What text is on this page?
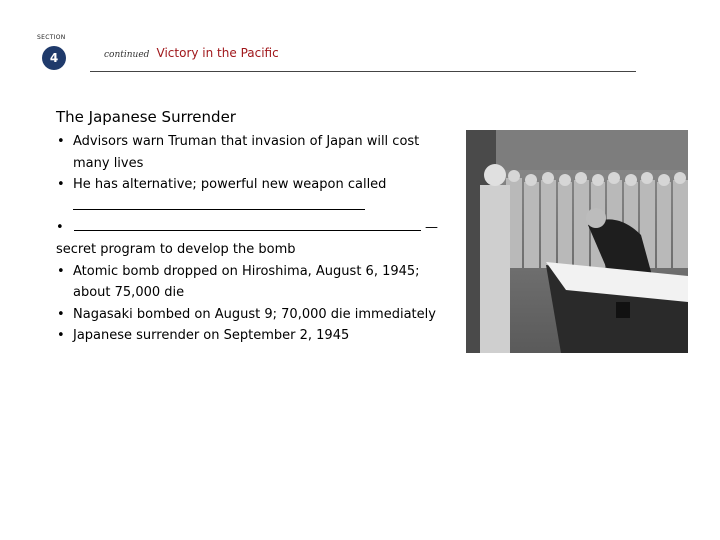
SECTION
4	continued Victory in the Pacific
The Japanese Surrender
• Advisors warn Truman that invasion of Japan will cost many lives
• He has alternative; powerful new weapon called

•	— secret program to develop the bomb
• Atomic bomb dropped on Hiroshima, August 6, 1945; about 75,000 die
• Nagasaki bombed on August 9; 70,000 die immediately
• Japanese surrender on September 2, 1945
